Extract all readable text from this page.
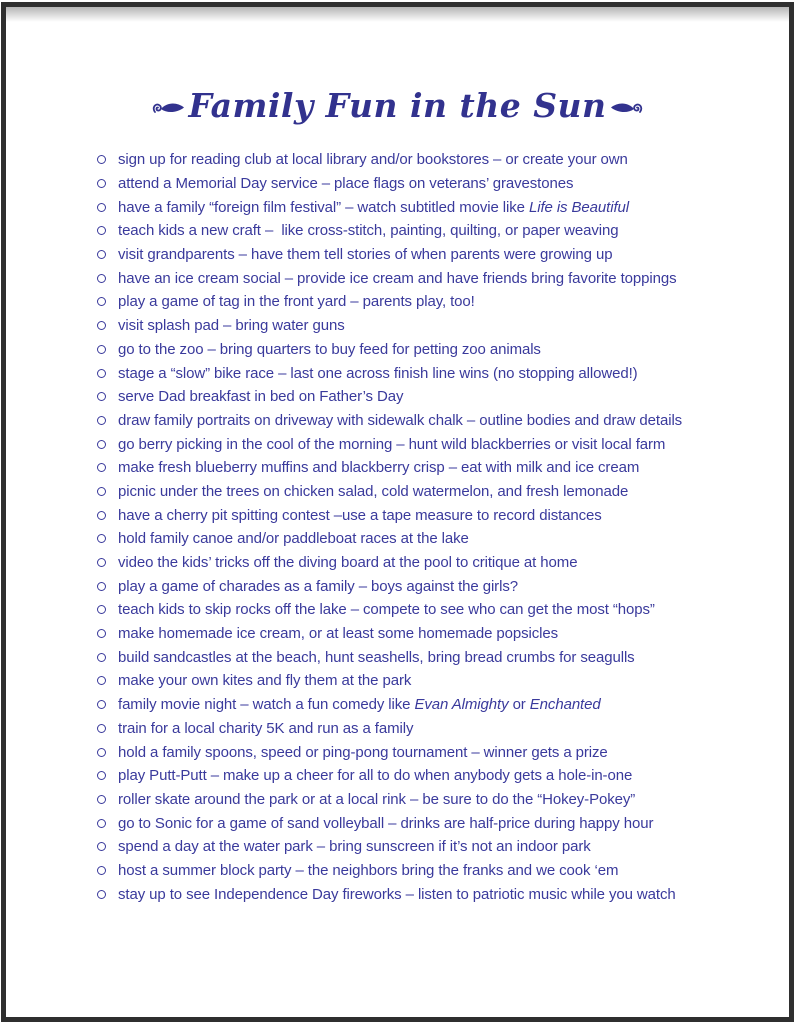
Family Fun in the Sun
sign up for reading club at local library and/or bookstores – or create your own
attend a Memorial Day service – place flags on veterans’ gravestones
have a family “foreign film festival” – watch subtitled movie like Life is Beautiful
teach kids a new craft –  like cross-stitch, painting, quilting, or paper weaving
visit grandparents – have them tell stories of when parents were growing up
have an ice cream social – provide ice cream and have friends bring favorite toppings
play a game of tag in the front yard – parents play, too!
visit splash pad – bring water guns
go to the zoo – bring quarters to buy feed for petting zoo animals
stage a “slow” bike race – last one across finish line wins (no stopping allowed!)
serve Dad breakfast in bed on Father’s Day
draw family portraits on driveway with sidewalk chalk – outline bodies and draw details
go berry picking in the cool of the morning – hunt wild blackberries or visit local farm
make fresh blueberry muffins and blackberry crisp – eat with milk and ice cream
picnic under the trees on chicken salad, cold watermelon, and fresh lemonade
have a cherry pit spitting contest –use a tape measure to record distances
hold family canoe and/or paddleboat races at the lake
video the kids’ tricks off the diving board at the pool to critique at home
play a game of charades as a family – boys against the girls?
teach kids to skip rocks off the lake – compete to see who can get the most “hops”
make homemade ice cream, or at least some homemade popsicles
build sandcastles at the beach, hunt seashells, bring bread crumbs for seagulls
make your own kites and fly them at the park
family movie night – watch a fun comedy like Evan Almighty or Enchanted
train for a local charity 5K and run as a family
hold a family spoons, speed or ping-pong tournament – winner gets a prize
play Putt-Putt – make up a cheer for all to do when anybody gets a hole-in-one
roller skate around the park or at a local rink – be sure to do the “Hokey-Pokey”
go to Sonic for a game of sand volleyball – drinks are half-price during happy hour
spend a day at the water park – bring sunscreen if it’s not an indoor park
host a summer block party – the neighbors bring the franks and we cook ‘em
stay up to see Independence Day fireworks – listen to patriotic music while you watch
